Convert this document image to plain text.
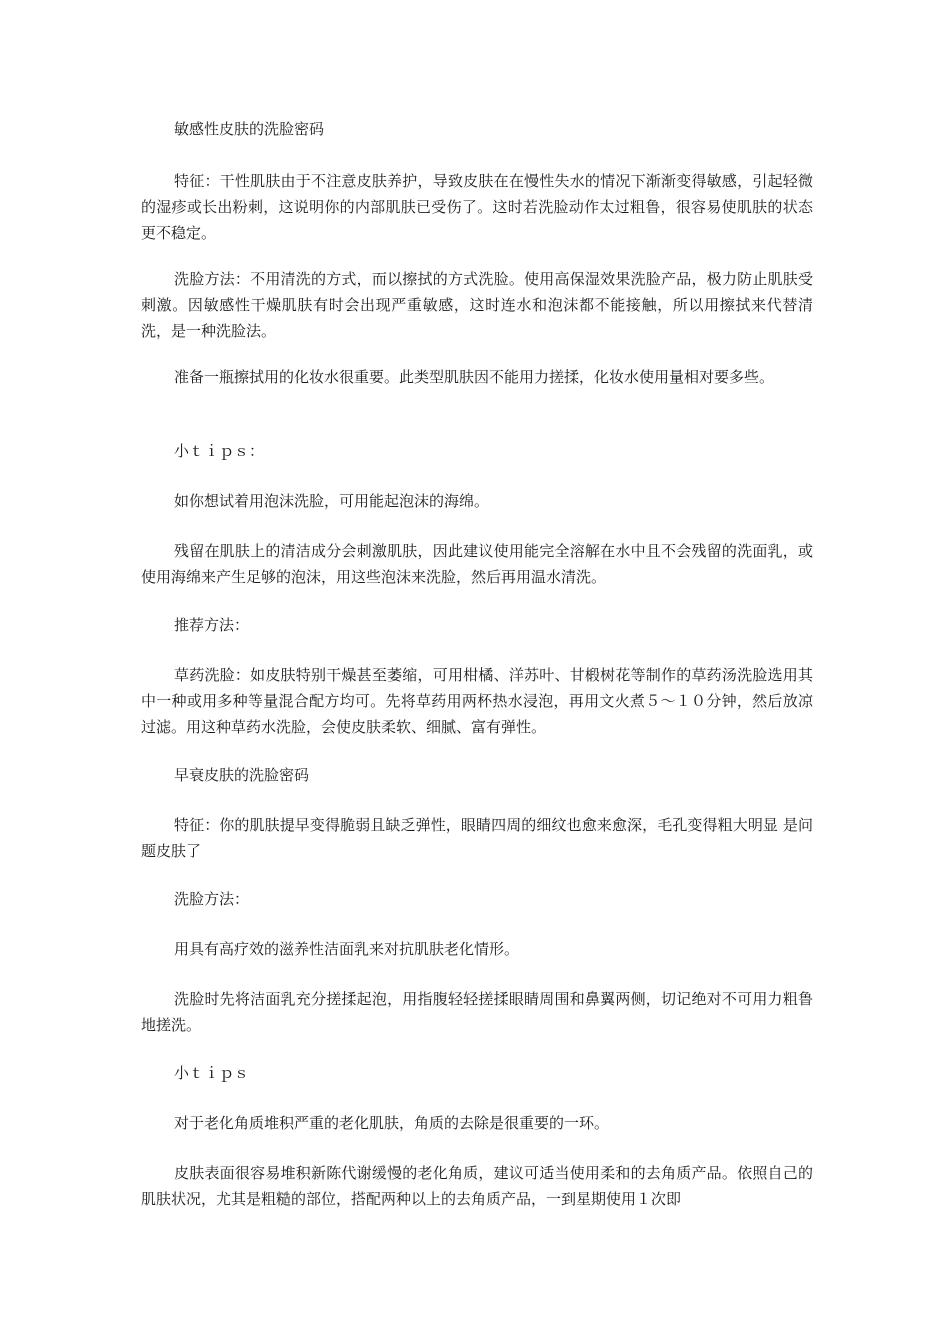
敏感性皮肤的洗脸密码

特征：干性肌肤由于不注意皮肤养护，导致皮肤在在慢性失水的情况下渐渐变得敏感，引起轻微的湿疹或长出粉刺，这说明你的内部肌肤已受伤了。这时若洗脸动作太过粗鲁，很容易使肌肤的状态更不稳定。

洗脸方法：不用清洗的方式，而以擦拭的方式洗脸。使用高保湿效果洗脸产品，极力防止肌肤受刺激。因敏感性干燥肌肤有时会出现严重敏感，这时连水和泡沫都不能接触，所以用擦拭来代替清洗，是一种洗脸法。

准备一瓶擦拭用的化妆水很重要。此类型肌肤因不能用力搓揉，化妆水使用量相对要多些。

小ｔｉｐｓ：

如你想试着用泡沫洗脸，可用能起泡沫的海绵。

残留在肌肤上的清洁成分会刺激肌肤，因此建议使用能完全溶解在水中且不会残留的洗面乳，或使用海绵来产生足够的泡沫，用这些泡沫来洗脸，然后再用温水清洗。

推荐方法：

草药洗脸：如皮肤特别干燥甚至萎缩，可用柑橘、洋苏叶、甘椴树花等制作的草药汤洗脸选用其中一种或用多种等量混合配方均可。先将草药用两杯热水浸泡，再用文火煮５～１０分钟，然后放凉过滤。用这种草药水洗脸，会使皮肤柔软、细腻、富有弹性。

早衰皮肤的洗脸密码

特征：你的肌肤提早变得脆弱且缺乏弹性，眼睛四周的细纹也愈来愈深，毛孔变得粗大明显 是问题皮肤了

洗脸方法：

用具有高疗效的滋养性洁面乳来对抗肌肤老化情形。

洗脸时先将洁面乳充分搓揉起泡，用指腹轻轻搓揉眼睛周围和鼻翼两侧，切记绝对不可用力粗鲁地搓洗。

小ｔｉｐｓ

对于老化角质堆积严重的老化肌肤，角质的去除是很重要的一环。

皮肤表面很容易堆积新陈代谢缓慢的老化角质，建议可适当使用柔和的去角质产品。依照自己的肌肤状况，尤其是粗糙的部位，搭配两种以上的去角质产品，一到星期使用１次即
